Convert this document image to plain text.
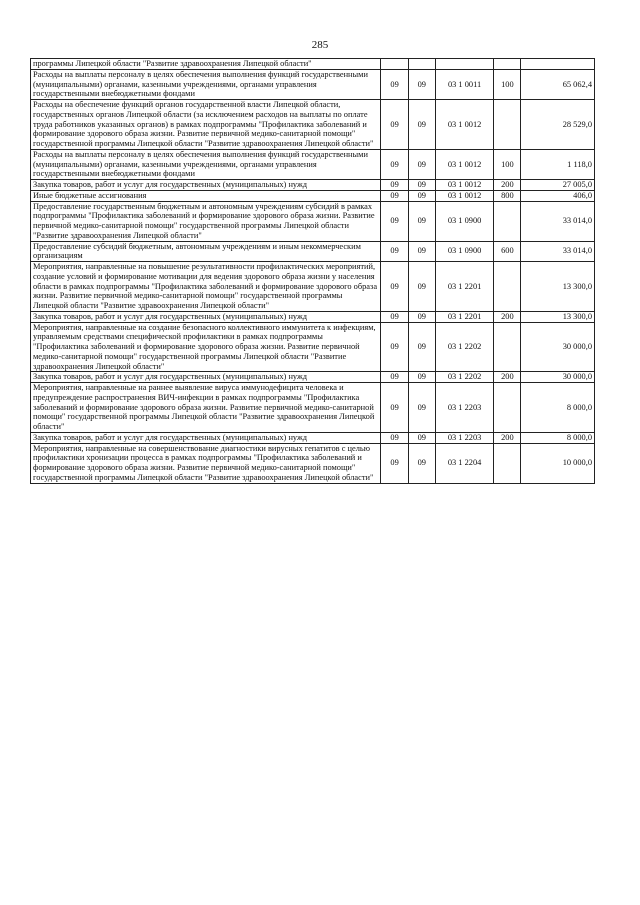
285
программы Липецкой области "Развитие здравоохранения Липецкой области"					
Расходы на выплаты персоналу в целях обеспечения выполнения функций государственными (муниципальными) органами, казенными учреждениями, органами управления государственными внебюджетными фондами	09	09	03 1 0011	100	65 062,4
Расходы на обеспечение функций органов государственной власти Липецкой области, государственных органов Липецкой области (за исключением расходов на выплаты по оплате труда работников указанных органов) в рамках подпрограммы "Профилактика заболеваний и формирование здорового образа жизни. Развитие первичной медико-санитарной помощи" государственной программы Липецкой области "Развитие здравоохранения Липецкой области"	09	09	03 1 0012		28 529,0
Расходы на выплаты персоналу в целях обеспечения выполнения функций государственными (муниципальными) органами, казенными учреждениями, органами управления государственными внебюджетными фондами	09	09	03 1 0012	100	1 118,0
Закупка товаров, работ и услуг для государственных (муниципальных) нужд	09	09	03 1 0012	200	27 005,0
Иные бюджетные ассигнования	09	09	03 1 0012	800	406,0
Предоставление государственным бюджетным и автономным учреждениям субсидий в рамках подпрограммы "Профилактика заболеваний и формирование здорового образа жизни. Развитие первичной медико-санитарной помощи" государственной программы Липецкой области "Развитие здравоохранения Липецкой области"	09	09	03 1 0900		33 014,0
Предоставление субсидий бюджетным, автономным учреждениям и иным некоммерческим организациям	09	09	03 1 0900	600	33 014,0
Мероприятия, направленные на повышение результативности профилактических мероприятий, создание условий и формирование мотивации для ведения здорового образа жизни у населения области в рамках подпрограммы "Профилактика заболеваний и формирование здорового образа жизни. Развитие первичной медико-санитарной помощи" государственной программы Липецкой области "Развитие здравоохранения Липецкой области"	09	09	03 1 2201		13 300,0
Закупка товаров, работ и услуг для государственных (муниципальных) нужд	09	09	03 1 2201	200	13 300,0
Мероприятия, направленные на создание безопасного коллективного иммунитета к инфекциям, управляемым средствами специфической профилактики в рамках подпрограммы "Профилактика заболеваний и формирование здорового образа жизни. Развитие первичной медико-санитарной помощи" государственной программы Липецкой области "Развитие здравоохранения Липецкой области"	09	09	03 1 2202		30 000,0
Закупка товаров, работ и услуг для государственных (муниципальных) нужд	09	09	03 1 2202	200	30 000,0
Мероприятия, направленные на раннее выявление вируса иммунодефицита человека и предупреждение распространения ВИЧ-инфекции в рамках подпрограммы "Профилактика заболеваний и формирование здорового образа жизни. Развитие первичной медико-санитарной помощи" государственной программы Липецкой области "Развитие здравоохранения Липецкой области"	09	09	03 1 2203		8 000,0
Закупка товаров, работ и услуг для государственных (муниципальных) нужд	09	09	03 1 2203	200	8 000,0
Мероприятия, направленные на совершенствование диагностики вирусных гепатитов с целью профилактики хронизации процесса в рамках подпрограммы "Профилактика заболеваний и формирование здорового образа жизни. Развитие первичной медико-санитарной помощи" государственной программы Липецкой области "Развитие здравоохранения Липецкой области"	09	09	03 1 2204		10 000,0
